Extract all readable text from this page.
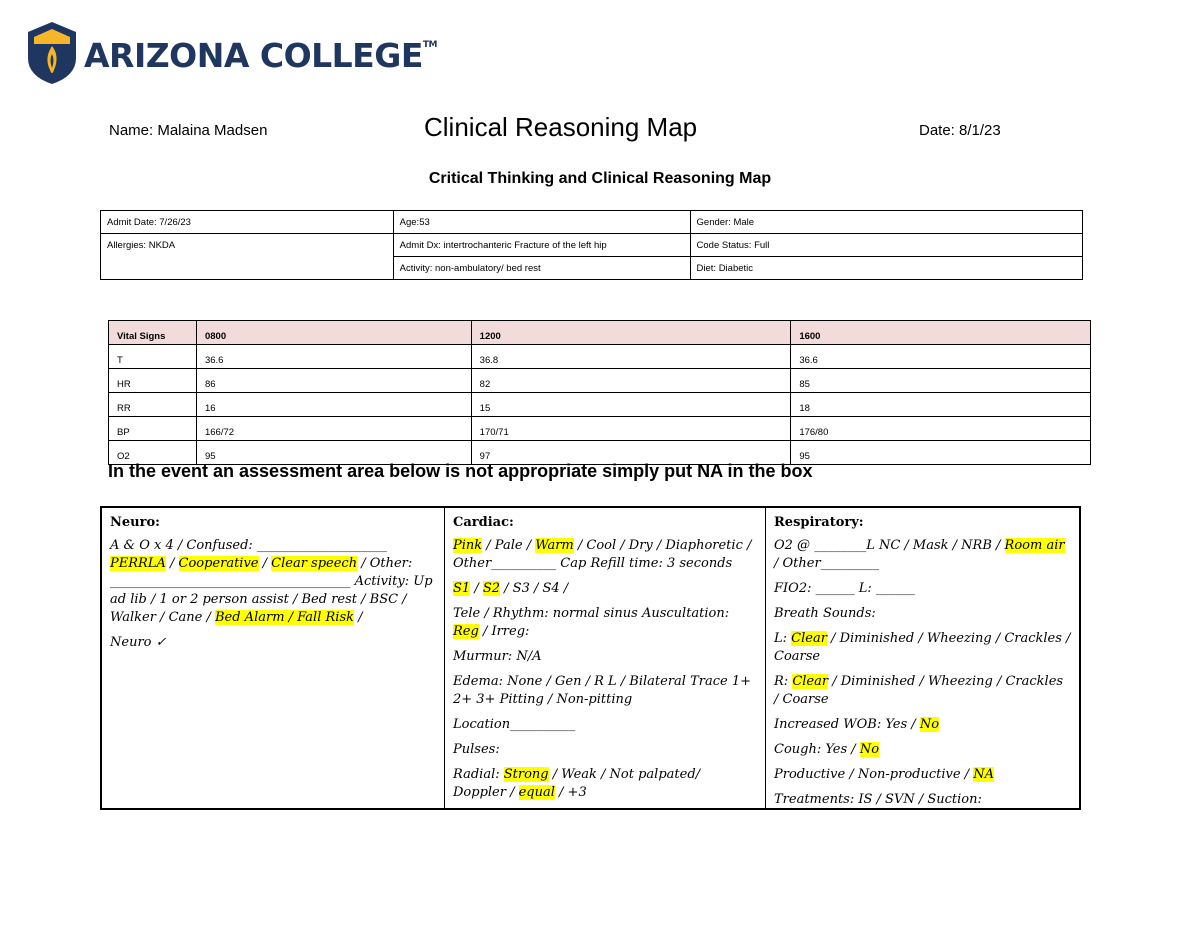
ARIZONA COLLEGE™
Name: Malaina Madsen	Clinical Reasoning Map	Date: 8/1/23
Critical Thinking and Clinical Reasoning Map
Admit Date: 7/26/23	Age:53	Gender: Male
Allergies: NKDA	Admit Dx: intertrochanteric Fracture of the left hip	Code Status: Full
	Activity: non-ambulatory/ bed rest	Diet: Diabetic
Vital Signs	0800	1200	1600
T	36.6	36.8	36.6
HR	86	82	85
RR	16	15	18
BP	166/72	170/71	176/80
O2	95	97	95
In the event an assessment area below is not appropriate simply put NA in the box
Neuro:

A & O x 4 / Confused: ____________________
PERRLA / Cooperative / Clear speech / Other: _____________________________________ Activity: Up ad lib / 1 or 2 person assist / Bed rest / BSC / Walker / Cane / Bed Alarm / Fall Risk /

Neuro ✓

Cardiac:

Pink / Pale / Warm / Cool / Dry / Diaphoretic / Other__________ Cap Refill time: 3 seconds

S1 / S2 / S3 / S4 /

Tele / Rhythm: normal sinus Auscultation: Reg / Irreg:

Murmur: N/A

Edema: None / Gen / R L / Bilateral Trace 1+ 2+ 3+ Pitting / Non-pitting

Location__________

Pulses:

Radial: Strong / Weak / Not palpated/ Doppler / equal / +3

Respiratory:

O2 @ ________L NC / Mask / NRB / Room air / Other_________

FIO2: ______ L: ______

Breath Sounds:

L: Clear / Diminished / Wheezing / Crackles / Coarse

R: Clear / Diminished / Wheezing / Crackles / Coarse

Increased WOB: Yes / No

Cough: Yes / No

Productive / Non-productive / NA

Treatments: IS / SVN / Suction:
